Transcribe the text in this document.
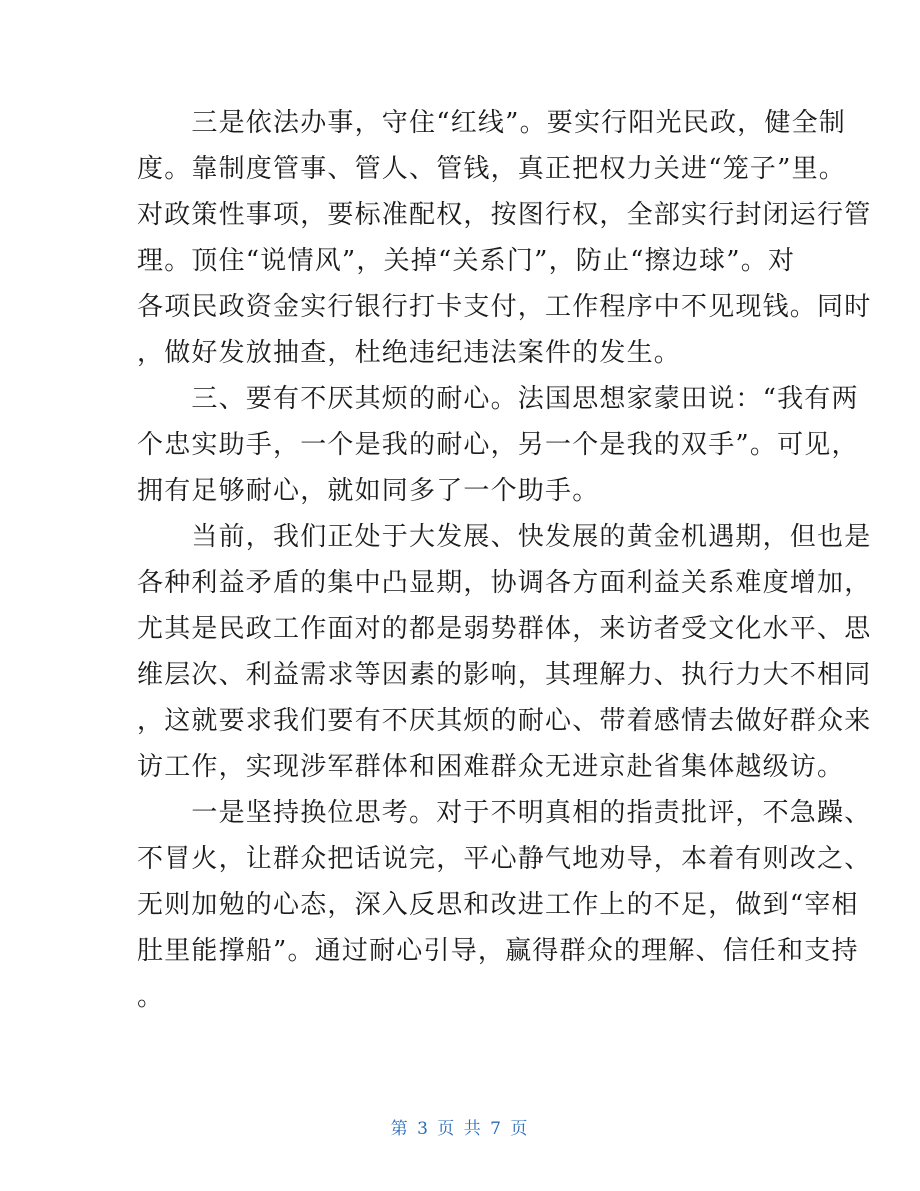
　　三是依法办事，守住“红线”。要实行阳光民政，健全制
度。靠制度管事、管人、管钱，真正把权力关进“笼子”里。
对政策性事项，要标准配权，按图行权，全部实行封闭运行管
理。顶住“说情风”，关掉“关系门”，防止“擦边球”。对
各项民政资金实行银行打卡支付，工作程序中不见现钱。同时
，做好发放抽查，杜绝违纪违法案件的发生。
　　三、要有不厌其烦的耐心。法国思想家蒙田说：“我有两
个忠实助手，一个是我的耐心，另一个是我的双手”。可见，
拥有足够耐心，就如同多了一个助手。
　　当前，我们正处于大发展、快发展的黄金机遇期，但也是
各种利益矛盾的集中凸显期，协调各方面利益关系难度增加，
尤其是民政工作面对的都是弱势群体，来访者受文化水平、思
维层次、利益需求等因素的影响，其理解力、执行力大不相同
，这就要求我们要有不厌其烦的耐心、带着感情去做好群众来
访工作，实现涉军群体和困难群众无进京赴省集体越级访。
　　一是坚持换位思考。对于不明真相的指责批评，不急躁、
不冒火，让群众把话说完，平心静气地劝导，本着有则改之、
无则加勉的心态，深入反思和改进工作上的不足，做到“宰相
肚里能撑船”。通过耐心引导，赢得群众的理解、信任和支持
。
第 3 页 共 7 页
